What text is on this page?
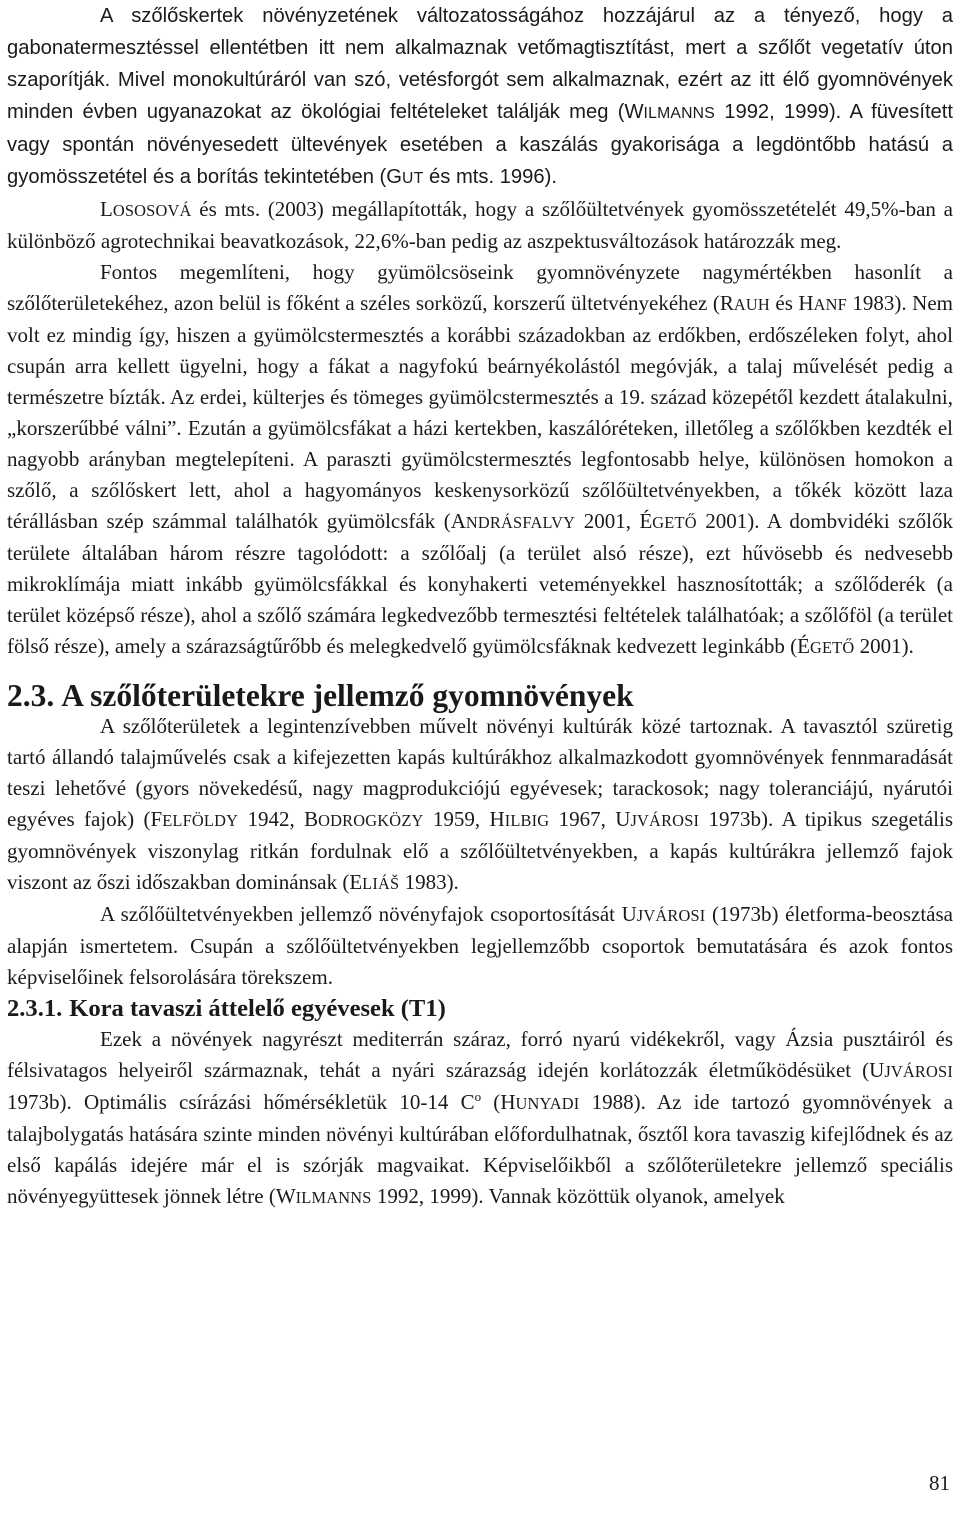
A szőlőskertek növényzetének változatosságához hozzájárul az a tényező, hogy a gabonatermesztéssel ellentétben itt nem alkalmaznak vetőmagtisztítást, mert a szőlőt vegetatív úton szaporítják. Mivel monokultúráról van szó, vetésforgót sem alkalmaznak, ezért az itt élő gyomnövények minden évben ugyanazokat az ökológiai feltételeket találják meg (WILMANNS 1992, 1999). A füvesített vagy spontán növényesedett ültevények esetében a kaszálás gyakorisága a legdöntőbb hatású a gyomösszetétel és a borítás tekintetében (GUT és mts. 1996).

LOSOSOVÁ és mts. (2003) megállapították, hogy a szőlőültetvények gyomösszetételét 49,5%-ban a különböző agrotechnikai beavatkozások, 22,6%-ban pedig az aszpektusváltozások határozzák meg.

Fontos megemlíteni, hogy gyümölcsöseink gyomnövényzete nagymértékben hasonlít a szőlőterületekéhez, azon belül is főként a széles sorközű, korszerű ültetvényekéhez (RAUH és HANF 1983). Nem volt ez mindig így, hiszen a gyümölcstermesztés a korábbi századokban az erdőkben, erdőszéleken folyt, ahol csupán arra kellett ügyelni, hogy a fákat a nagyfokú beárnyékolástól megóvják, a talaj művelését pedig a természetre bízták. Az erdei, külterjes és tömeges gyümölcstermesztés a 19. század közepétől kezdett átalakulni, „korszerűbbé válni”. Ezután a gyümölcsfákat a házi kertekben, kaszálóréteken, illetőleg a szőlőkben kezdték el nagyobb arányban megtelepíteni. A paraszti gyümölcstermesztés legfontosabb helye, különösen homokon a szőlő, a szőlőskert lett, ahol a hagyományos keskenysorközű szőlőültetvényekben, a tőkék között laza térállásban szép számmal találhatók gyümölcsfák (ANDRÁSFALVY 2001, ÉGETŐ 2001). A dombvidéki szőlők területe általában három részre tagolódott: a szőlőalj (a terület alsó része), ezt hűvösebb és nedvesebb mikroklímája miatt inkább gyümölcsfákkal és konyhakerti veteményekkel hasznosították; a szőlőderék (a terület középső része), ahol a szőlő számára legkedvezőbb termesztési feltételek találhatóak; a szőlőföl (a terület fölső része), amely a szárazságtűrőbb és melegkedvelő gyümölcsfáknak kedvezett leginkább (ÉGETŐ 2001).

2.3. A szőlőterületekre jellemző gyomnövények

A szőlőterületek a legintenzívebben művelt növényi kultúrák közé tartoznak. A tavasztól szüretig tartó állandó talajművelés csak a kifejezetten kapás kultúrákhoz alkalmazkodott gyomnövények fennmaradását teszi lehetővé (gyors növekedésű, nagy magprodukciójú egyévesek; tarackosok; nagy toleranciájú, nyárutói egyéves fajok) (FELFÖLDY 1942, BODROGKÖZY 1959, HILBIG 1967, UJVÁROSI 1973b). A tipikus szegetális gyomnövények viszonylag ritkán fordulnak elő a szőlőültetvényekben, a kapás kultúrákra jellemző fajok viszont az őszi időszakban dominánsak (ELIÁŠ 1983).

A szőlőültetvényekben jellemző növényfajok csoportosítását UJVÁROSI (1973b) életforma-beosztása alapján ismertetem. Csupán a szőlőültetvényekben legjellemzőbb csoportok bemutatására és azok fontos képviselőinek felsorolására törekszem.

2.3.1. Kora tavaszi áttelelő egyévesek (T1)

Ezek a növények nagyrészt mediterrán száraz, forró nyarú vidékekről, vagy Ázsia pusztáiról és félsivatagos helyeiről származnak, tehát a nyári szárazság idején korlátozzák életműködésüket (UJVÁROSI 1973b). Optimális csírázási hőmérsékletük 10-14 $C^o$ (HUNYADI 1988). Az ide tartozó gyomnövények a talajbolygatás hatására szinte minden növényi kultúrában előfordulhatnak, ősztől kora tavaszig kifejlődnek és az első kapálás idejére már el is szórják magvaikat. Képviselőikből a szőlőterületekre jellemző speciális növényegyüttesek jönnek létre (WILMANNS 1992, 1999). Vannak közöttük olyanok, amelyek

81
